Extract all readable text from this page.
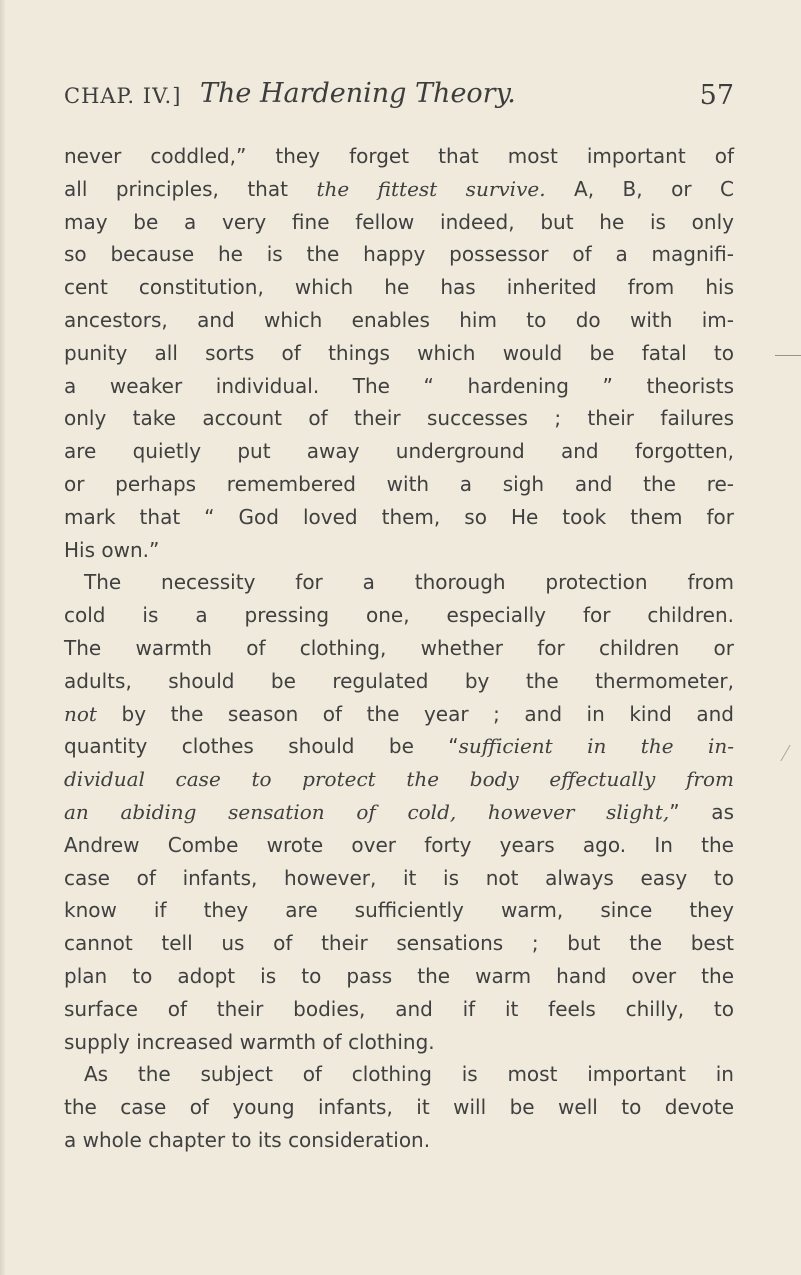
CHAP. IV.] The Hardening Theory.	57
never coddled,” they forget that most important of
all principles, that the fittest survive. A, B, or C
may be a very fine fellow indeed, but he is only
so because he is the happy possessor of a magnifi-
cent constitution, which he has inherited from his
ancestors, and which enables him to do with im-
punity all sorts of things which would be fatal to
a weaker individual. The “ hardening ” theorists
only take account of their successes ; their failures
are quietly put away underground and forgotten,
or perhaps remembered with a sigh and the re-
mark that “ God loved them, so He took them for
His own.”
The necessity for a thorough protection from
cold is a pressing one, especially for children.
The warmth of clothing, whether for children or
adults, should be regulated by the thermometer,
not by the season of the year ; and in kind and
quantity clothes should be “sufficient in the in-
dividual case to protect the body effectually from
an abiding sensation of cold, however slight,” as
Andrew Combe wrote over forty years ago. In the
case of infants, however, it is not always easy to
know if they are sufficiently warm, since they
cannot tell us of their sensations ; but the best
plan to adopt is to pass the warm hand over the
surface of their bodies, and if it feels chilly, to
supply increased warmth of clothing.
As the subject of clothing is most important in
the case of young infants, it will be well to devote
a whole chapter to its consideration.
